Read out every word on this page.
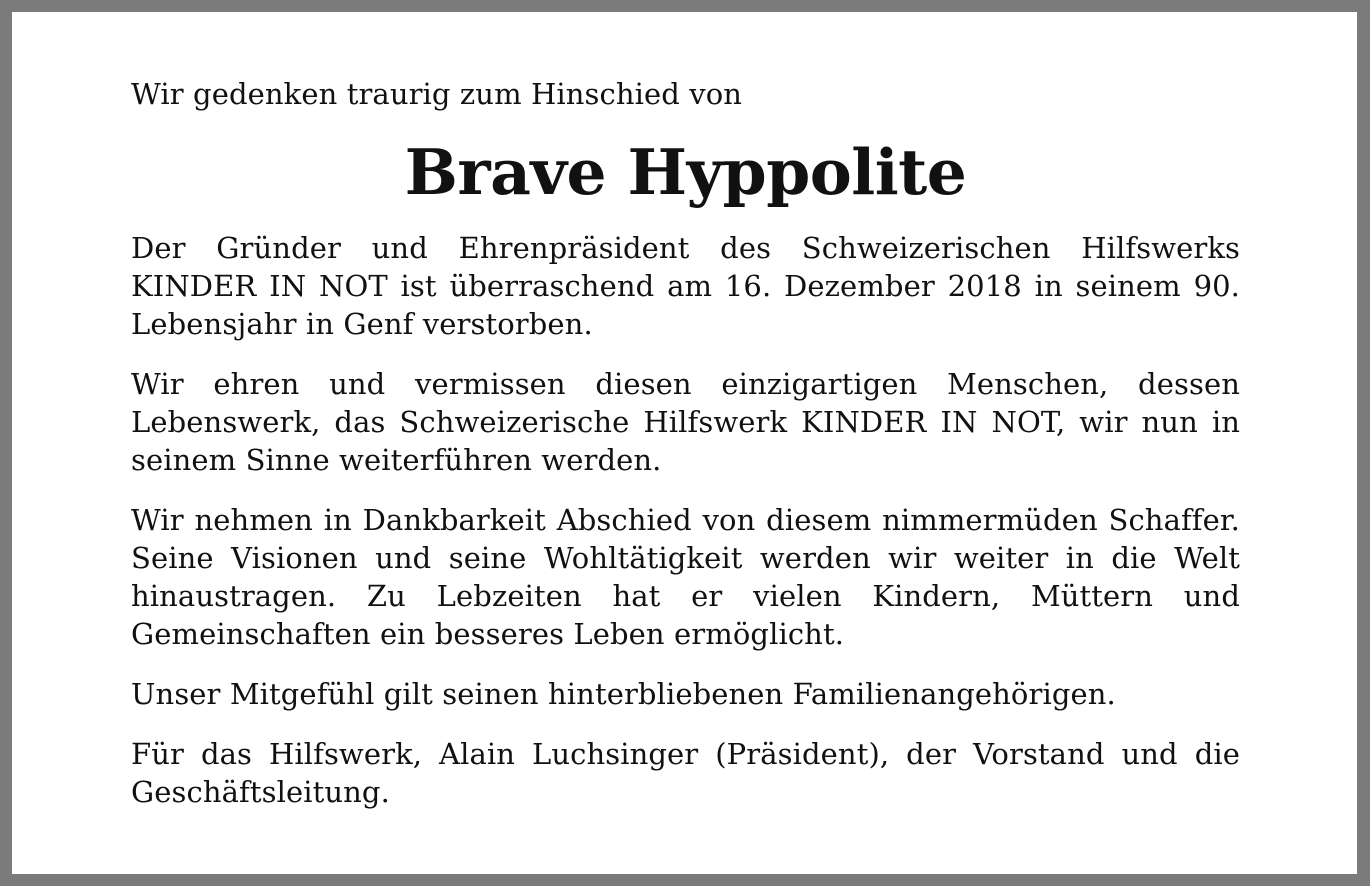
Wir gedenken traurig zum Hinschied von

Brave Hyppolite

Der Gründer und Ehrenpräsident des Schweizerischen Hilfswerks KINDER IN NOT ist überraschend am 16. Dezember 2018 in seinem 90. Lebensjahr in Genf verstorben.

Wir ehren und vermissen diesen einzigartigen Menschen, dessen Lebenswerk, das Schweizerische Hilfswerk KINDER IN NOT, wir nun in seinem Sinne weiterführen werden.

Wir nehmen in Dankbarkeit Abschied von diesem nimmermüden Schaffer. Seine Visionen und seine Wohltätigkeit werden wir weiter in die Welt hinaustragen. Zu Lebzeiten hat er vielen Kindern, Müttern und Gemeinschaften ein besseres Leben ermöglicht.

Unser Mitgefühl gilt seinen hinterbliebenen Familienangehörigen.

Für das Hilfswerk, Alain Luchsinger (Präsident), der Vorstand und die Geschäftsleitung.
